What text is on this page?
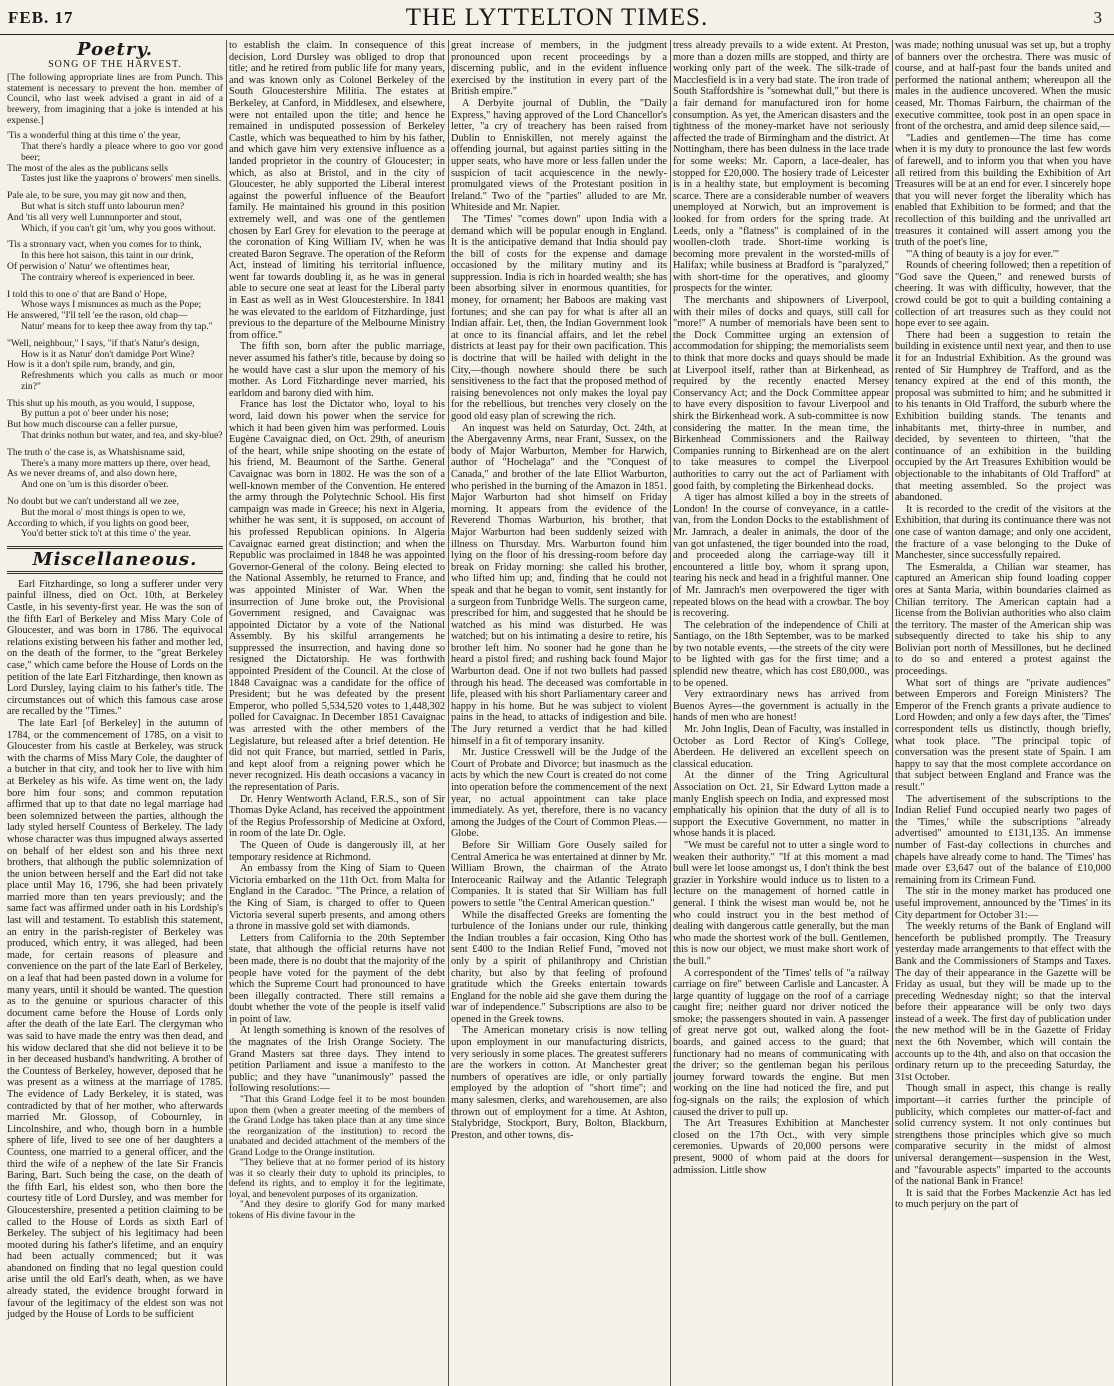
FEB. 17	THE LYTTELTON TIMES.	3
Poetry.
SONG OF THE HARVEST.

[The following appropriate lines are from Punch. This statement is necessary to prevent the hon. member of Council, who last week advised a grant in aid of a brewery, from imagining that a joke is intended at his expense.]

'Tis a wonderful thing at this time o' the year,
That there's hardly a pleace where to goo vor good beer;
The most of the ales as the publicans sells
Tastes just like the yaaprons o' browers' men sinells.
Pale ale, to be sure, you may git now and then,
But what is sitch stuff unto labourun men?
And 'tis all very well Lunnunporter and stout,
Which, if you can't git 'um, why you goos without.
'Tis a stronnary vact, when you comes for to think,
In this here hot saison, this taint in our drink,
Of perwision o' Natur' we oftentimes hear,
The contrairy whereof is experienced in beer.
I told this to one o' that are Band o' Hope,
Whose ways I misnunces as much as the Pope;
He answered, "I'll tell 'ee the rason, old chap—
Natur' means for to keep thee away from thy tap."
"Well, neighbour," I says, "if that's Natur's design,
How is it as Natur' don't damidge Port Wine?
How is it a don't spile rum, brandy, and gin,
Refreshments which you calls as much or moor zin?"
This shut up his mouth, as you would, I suppose,
By puttun a pot o' beer under his nose;
But how much discourse can a feller pursue,
That drinks nothun but water, and tea, and sky-blue?
The truth o' the case is, as Whatshisname said,
There's a many more matters up there, over head,
As we never dreams of, and also down here,
And one on 'um is this disorder o'beer.
No doubt but we can't understand all we zee,
But the moral o' most things is open to we,
According to which, if you lights on good beer,
You'd better stick to't at this time o' the year.
Miscellaneous.

Earl Fitzhardinge, so long a sufferer under very painful illness, died on Oct. 10th, at Berkeley Castle, in his seventy-first year. He was the son of the fifth Earl of Berkeley and Miss Mary Cole of Gloucester, and was born in 1786. The equivocal relations existing between his father and mother led, on the death of the former, to the "great Berkeley case," which came before the House of Lords on the petition of the late Earl Fitzhardinge, then known as Lord Dursley, laying claim to his father's title. The circumstances out of which this famous case arose are recalled by the "Times."

The late Earl [of Berkeley] in the autumn of 1784, or the commencement of 1785, on a visit to Gloucester from his castle at Berkeley, was struck with the charms of Miss Mary Cole, the daughter of a butcher in that city, and took her to live with him at Berkeley as his wife. As time went on, the lady bore him four sons; and common reputation affirmed that up to that date no legal marriage had been solemnized between the parties, although the lady styled herself Countess of Berkeley. The lady whose character was thus impugned always asserted on behalf of her eldest son and his three next brothers, that although the public solemnization of the union between herself and the Earl did not take place until May 16, 1796, she had been privately married more than ten years previously; and the same fact was affirmed under oath in his Lordship's last will and testament. To establish this statement, an entry in the parish-register of Berkeley was produced, which entry, it was alleged, had been made, for certain reasons of pleasure and convenience on the part of the late Earl of Berkeley, on a leaf that had been pasted down in a volume for many years, until it should be wanted. The question as to the genuine or spurious character of this document came before the House of Lords only after the death of the late Earl. The clergyman who was said to have made the entry was then dead, and his widow declared that she did not believe it to be in her deceased husband's handwriting. A brother of the Countess of Berkeley, however, deposed that he was present as a witness at the marriage of 1785. The evidence of Lady Berkeley, it is stated, was contradicted by that of her mother, who afterwards married Mr. Glossop, of Cobournley, in Lincolnshire, and who, though born in a humble sphere of life, lived to see one of her daughters a Countess, one married to a general officer, and the third the wife of a nephew of the late Sir Francis Baring, Bart. Such being the case, on the death of the fifth Earl, his eldest son, who then bore the courtesy title of Lord Dursley, and was member for Gloucestershire, presented a petition claiming to be called to the House of Lords as sixth Earl of Berkeley. The subject of his legitimacy had been mooted during his father's lifetime, and an enquiry had been actually commenced; but it was abandoned on finding that no legal question could arise until the old Earl's death, when, as we have already stated, the evidence brought forward in favour of the legitimacy of the eldest son was not judged by the House of Lords to be sufficient

to establish the claim. In consequence of this decision, Lord Dursley was obliged to drop that title; and he retired from public life for many years, and was known only as Colonel Berkeley of the South Gloucestershire Militia. The estates at Berkeley, at Canford, in Middlesex, and elsewhere, were not entailed upon the title; and hence he remained in undisputed possession of Berkeley Castle, which was bequeathed to him by his father, and which gave him very extensive influence as a landed proprietor in the country of Gloucester; in which, as also at Bristol, and in the city of Gloucester, he ably supported the Liberal interest against the powerful influence of the Beaufort family. He maintained his ground in this position extremely well, and was one of the gentlemen chosen by Earl Grey for elevation to the peerage at the coronation of King William IV, when he was created Baron Segrave. The operation of the Reform Act, instead of limiting his territorial influence, went far towards doubling it, as he was in general able to secure one seat at least for the Liberal party in East as well as in West Gloucestershire. In 1841 he was elevated to the earldom of Fitzhardinge, just previous to the departure of the Melbourne Ministry from office."

The fifth son, born after the public marriage, never assumed his father's title, because by doing so he would have cast a slur upon the memory of his mother. As Lord Fitzhardinge never married, his earldom and barony died with him.

France has lost the Dictator who, loyal to his word, laid down his power when the service for which it had been given him was performed. Louis Eugène Cavaignac died, on Oct. 29th, of aneurism of the heart, while snipe shooting on the estate of his friend, M. Beaumont of the Sarthe. General Cavaignac was born in 1802. He was the son of a well-known member of the Convention. He entered the army through the Polytechnic School. His first campaign was made in Greece; his next in Algeria, whither he was sent, it is supposed, on account of his professed Republican opinions. In Algeria Cavaignac earned great distinction; and when the Republic was proclaimed in 1848 he was appointed Governor-General of the colony. Being elected to the National Assembly, he returned to France, and was appointed Minister of War. When the insurrection of June broke out, the Provisional Government resigned, and Cavaignac was appointed Dictator by a vote of the National Assembly. By his skilful arrangements he suppressed the insurrection, and having done so resigned the Dictatorship. He was forthwith appointed President of the Council. At the close of 1848 Cavaignac was a candidate for the office of President; but he was defeated by the present Emperor, who polled 5,534,520 votes to 1,448,302 polled for Cavaignac. In December 1851 Cavaignac was arrested with the other members of the Legislature, but released after a brief detention. He did not quit France, but married, settled in Paris, and kept aloof from a reigning power which he never recognized. His death occasions a vacancy in the representation of Paris.

Dr. Henry Wentworth Acland, F.R.S., son of Sir Thomas Dyke Acland, has received the appointment of the Regius Professorship of Medicine at Oxford, in room of the late Dr. Ogle.

The Queen of Oude is dangerously ill, at her temporary residence at Richmond.

An embassy from the King of Siam to Queen Victoria embarked on the 11th Oct. from Malta for England in the Caradoc. "The Prince, a relation of the King of Siam, is charged to offer to Queen Victoria several superb presents, and among others a throne in massive gold set with diamonds.

Letters from California to the 20th September state, that although the official returns have not been made, there is no doubt that the majority of the people have voted for the payment of the debt which the Supreme Court had pronounced to have been illegally contracted. There still remains a doubt whether the vote of the people is itself valid in point of law.

At length something is known of the resolves of the magnates of the Irish Orange Society. The Grand Masters sat three days. They intend to petition Parliament and issue a manifesto to the public; and they have "unanimously" passed the following resolutions:—

"That this Grand Lodge feel it to be most bounden upon them (when a greater meeting of the members of the Grand Lodge has taken place than at any time since the reorganization of the institution) to record the unabated and decided attachment of the members of the Grand Lodge to the Orange institution.

"They believe that at no former period of its history was it so clearly their duty to uphold its principles, to defend its rights, and to employ it for the legitimate, loyal, and benevolent purposes of its organization.

"And they desire to glorify God for many marked tokens of His divine favour in the

great increase of members, in the judgment pronounced upon recent proceedings by a discerning public, and in the evident influence exercised by the institution in every part of the British empire."

A Derbyite journal of Dublin, the "Daily Express," having approved of the Lord Chancellor's letter, "a cry of treachery has been raised from Dublin to Enniskillen, not merely against the offending journal, but against parties sitting in the upper seats, who have more or less fallen under the suspicion of tacit acquiescence in the newly-promulgated views of the Protestant position in Ireland." Two of the "parties" alluded to are Mr. Whiteside and Mr. Napier.

The 'Times' "comes down" upon India with a demand which will be popular enough in England. It is the anticipative demand that India should pay the bill of costs for the expense and damage occasioned by the military mutiny and its suppression. India is rich in hoarded wealth; she has been absorbing silver in enormous quantities, for money, for ornament; her Baboos are making vast fortunes; and she can pay for what is after all an Indian affair. Let, then, the Indian Government look at once to its financial affairs, and let the rebel districts at least pay for their own pacification. This is doctrine that will be hailed with delight in the City,—though nowhere should there be such sensitiveness to the fact that the proposed method of raising benevolences not only makes the loyal pay for the rebellious, but trenches very closely on the good old easy plan of screwing the rich.

An inquest was held on Saturday, Oct. 24th, at the Abergavenny Arms, near Frant, Sussex, on the body of Major Warburton, Member for Harwich, author of "Hochelaga" and the "Conquest of Canada," and brother of the late Elliot Warburton, who perished in the burning of the Amazon in 1851. Major Warburton had shot himself on Friday morning. It appears from the evidence of the Reverend Thomas Warburton, his brother, that Major Warburton had been suddenly seized with illness on Thursday. Mrs. Warburton found him lying on the floor of his dressing-room before day break on Friday morning: she called his brother, who lifted him up; and, finding that he could not speak and that he began to vomit, sent instantly for a surgeon from Tunbridge Wells. The surgeon came, prescribed for him, and suggested that he should be watched as his mind was disturbed. He was watched; but on his intimating a desire to retire, his brother left him. No sooner had he gone than he heard a pistol fired; and rushing back found Major Warburton dead. One if not two bullets had passed through his head. The deceased was comfortable in life, pleased with his short Parliamentary career and happy in his home. But he was subject to violent pains in the head, to attacks of indigestion and bile. The Jury returned a verdict that he had killed himself in a fit of temporary insanity.

Mr. Justice Cresswell will be the Judge of the Court of Probate and Divorce; but inasmuch as the acts by which the new Court is created do not come into operation before the commencement of the next year, no actual appointment can take place immediately. As yet, therefore, there is no vacancy among the Judges of the Court of Common Pleas.—Globe.

Before Sir William Gore Ousely sailed for Central America he was entertained at dinner by Mr. William Brown, the chairman of the Atrato Interoceanic Railway and the Atlantic Telegraph Companies. It is stated that Sir William has full powers to settle "the Central American question."

While the disaffected Greeks are fomenting the turbulence of the Ionians under our rule, thinking the Indian troubles a fair occasion, King Otho has sent £400 to the Indian Relief Fund, "moved not only by a spirit of philanthropy and Christian charity, but also by that feeling of profound gratitude which the Greeks entertain towards England for the noble aid she gave them during the war of independence." Subscriptions are also to be opened in the Greek towns.

The American monetary crisis is now telling upon employment in our manufacturing districts, very seriously in some places. The greatest sufferers are the workers in cotton. At Manchester great numbers of operatives are idle, or only partially employed by the adoption of "short time"; and many salesmen, clerks, and warehousemen, are also thrown out of employment for a time. At Ashton, Stalybridge, Stockport, Bury, Bolton, Blackburn, Preston, and other towns, dis-

tress already prevails to a wide extent. At Preston, more than a dozen mills are stopped, and thirty are working only part of the week. The silk-trade of Macclesfield is in a very bad state. The iron trade of South Staffordshire is "somewhat dull," but there is a fair demand for manufactured iron for home consumption. As yet, the American disasters and the tightness of the money-market have not seriously affected the trade of Birmingham and the district. At Nottingham, there has been dulness in the lace trade for some weeks: Mr. Caporn, a lace-dealer, has stopped for £20,000. The hosiery trade of Leicester is in a healthy state, but employment is becoming scarce. There are a considerable number of weavers unemployed at Norwich, but an improvement is looked for from orders for the spring trade. At Leeds, only a "flatness" is complained of in the woollen-cloth trade. Short-time working is becoming more prevalent in the worsted-mills of Halifax; while business at Bradford is "paralyzed," with short-time for the operatives, and gloomy prospects for the winter.

The merchants and shipowners of Liverpool, with their miles of docks and quays, still call for "more!" A number of memorials have been sent to the Dock Committee urging an extension of accommodation for shipping; the memorialists seem to think that more docks and quays should be made at Liverpool itself, rather than at Birkenhead, as required by the recently enacted Mersey Conservancy Act; and the Dock Committee appear to have every disposition to favour Liverpool and shirk the Birkenhead work. A sub-committee is now considering the matter. In the mean time, the Birkenhead Commissioners and the Railway Companies running to Birkenhead are on the alert to take measures to compel the Liverpool authorities to carry out the act of Parliament with good faith, by completing the Birkenhead docks.

A tiger has almost killed a boy in the streets of London! In the course of conveyance, in a cattle-van, from the London Docks to the establishment of Mr. Jamrach, a dealer in animals, the door of the van got unfastened, the tiger bounded into the road, and proceeded along the carriage-way till it encountered a little boy, whom it sprang upon, tearing his neck and head in a frightful manner. One of Mr. Jamrach's men overpowered the tiger with repeated blows on the head with a crowbar. The boy is recovering.

The celebration of the independence of Chili at Santiago, on the 18th September, was to be marked by two notable events, —the streets of the city were to be lighted with gas for the first time; and a splendid new theatre, which has cost £80,000., was to be opened.

Very extraordinary news has arrived from Buenos Ayres—the government is actually in the hands of men who are honest!

Mr. John Inglis, Dean of Faculty, was installed in October as Lord Rector of King's College, Aberdeen. He delivered an excellent speech on classical education.

At the dinner of the Tring Agricultural Association on Oct. 21, Sir Edward Lytton made a manly English speech on India, and expressed most emphatically his opinion that the duty of all is to support the Executive Government, no matter in whose hands it is placed.

"We must be careful not to utter a single word to weaken their authority." "If at this moment a mad bull were let loose amongst us, I don't think the best grazier in Yorkshire would induce us to listen to a lecture on the management of horned cattle in general. I think the wisest man would be, not he who could instruct you in the best method of dealing with dangerous cattle generally, but the man who made the shortest work of the bull. Gentlemen, this is now our object, we must make short work of the bull."

A correspondent of the 'Times' tells of "a railway carriage on fire" between Carlisle and Lancaster. A large quantity of luggage on the roof of a carriage caught fire; neither guard nor driver noticed the smoke; the passengers shouted in vain. A passenger of great nerve got out, walked along the foot-boards, and gained access to the guard; that functionary had no means of communicating with the driver; so the gentleman began his perilous journey forward towards the engine. But men working on the line had noticed the fire, and put fog-signals on the rails; the explosion of which caused the driver to pull up.

The Art Treasures Exhibition at Manchester closed on the 17th Oct., with very simple ceremonies. Upwards of 20,000 persons were present, 9000 of whom paid at the doors for admission. Little show

was made; nothing unusual was set up, but a trophy of banners over the orchestra. There was music of course, and at half-past four the bands united and performed the national anthem; whereupon all the males in the audience uncovered. When the music ceased, Mr. Thomas Fairburn, the chairman of the executive committee, took post in an open space in front of the orchestra, and amid deep silence said,—

"Ladies and gentlemen—The time has come when it is my duty to pronounce the last few words of farewell, and to inform you that when you have all retired from this building the Exhibition of Art Treasures will be at an end for ever. I sincerely hope that you will never forget the liberality which has enabled that Exhibition to be formed; and that the recollection of this building and the unrivalled art treasures it contained will assert among you the truth of the poet's line,

"'A thing of beauty is a joy for ever.'"

Rounds of cheering followed; then a repetition of "God save the Queen," and renewed bursts of cheering. It was with difficulty, however, that the crowd could be got to quit a building containing a collection of art treasures such as they could not hope ever to see again.

There had been a suggestion to retain the building in existence until next year, and then to use it for an Industrial Exhibition. As the ground was rented of Sir Humphrey de Trafford, and as the tenancy expired at the end of this month, the proposal was submitted to him; and he submitted it to his tenants in Old Trafford, the suburb where the Exhibition building stands. The tenants and inhabitants met, thirty-three in number, and decided, by seventeen to thirteen, "that the continuance of an exhibition in the building occupied by the Art Treasures Exhibition would be objectionable to the inhabitants of Old Trafford" at that meeting assembled. So the project was abandoned.

It is recorded to the credit of the visitors at the Exhibition, that during its continuance there was not one case of wanton damage; and only one accident, the fracture of a vase belonging to the Duke of Manchester, since successfully repaired.

The Esmeralda, a Chilian war steamer, has captured an American ship found loading copper ores at Santa Maria, within boundaries claimed as Chilian territory. The American captain had a license from the Bolivian authorities who also claim the territory. The master of the American ship was subsequently directed to take his ship to any Bolivian port north of Messillones, but he declined to do so and entered a protest against the proceedings.

What sort of things are "private audiences" between Emperors and Foreign Ministers? The Emperor of the French grants a private audience to Lord Howden; and only a few days after, the 'Times' correspondent tells us distinctly, though briefly, what took place. "The principal topic of conversation was the present state of Spain. I am happy to say that the most complete accordance on that subject between England and France was the result."

The advertisement of the subscriptions to the Indian Relief Fund occupied nearly two pages of the 'Times,' while the subscriptions "already advertised" amounted to £131,135. An immense number of Fast-day collections in churches and chapels have already come to hand. The 'Times' has made over £3,647 out of the balance of £10,000 remaining from its Crimean Fund.

The stir in the money market has produced one useful improvement, announced by the 'Times' in its City department for October 31:—

The weekly returns of the Bank of England will henceforth be published promptly. The Treasury yesterday made arrangements to that effect with the Bank and the Commissioners of Stamps and Taxes. The day of their appearance in the Gazette will be Friday as usual, but they will be made up to the preceding Wednesday night; so that the interval before their appearance will be only two days instead of a week. The first day of publication under the new method will be in the Gazette of Friday next the 6th November, which will contain the accounts up to the 4th, and also on that occasion the ordinary return up to the preceeding Saturday, the 31st October.

Though small in aspect, this change is really important—it carries further the principle of publicity, which completes our matter-of-fact and solid currency system. It not only continues but strengthens those principles which give so much comparative security in the midst of almost universal derangement—suspension in the West, and "favourable aspects" imparted to the accounts of the national Bank in France!

It is said that the Forbes Mackenzie Act has led to much perjury on the part of
